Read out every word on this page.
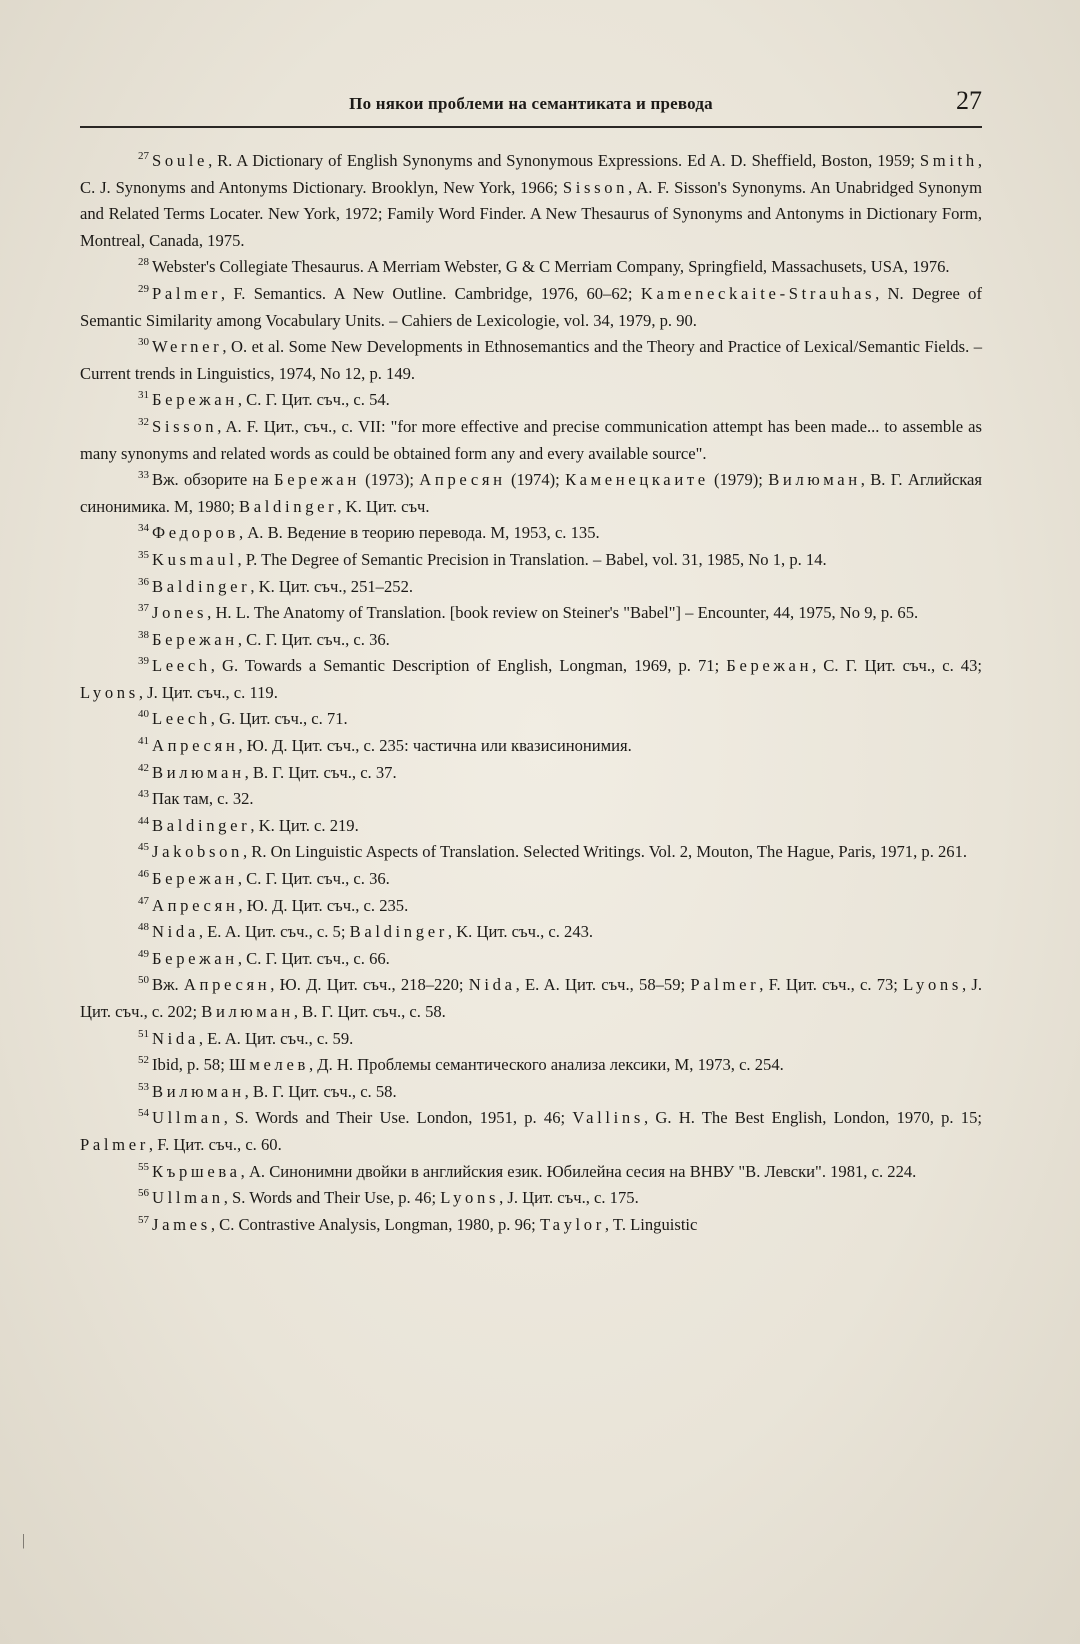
По някои проблеми на семантиката и превода	27

$^{27}$ Soule, R. A Dictionary of English Synonyms and Synonymous Expressions. Ed A. D. Sheffield, Boston, 1959; Smith, C. J. Synonyms and Antonyms Dictionary. Brooklyn, New York, 1966; Sisson, A. F. Sisson's Synonyms. An Unabridged Synonym and Related Terms Locater. New York, 1972; Family Word Finder. A New Thesaurus of Synonyms and Antonyms in Dictionary Form, Montreal, Canada, 1975.

$^{28}$ Webster's Collegiate Thesaurus. A Merriam Webster, G & C Merriam Company, Springfield, Massachusets, USA, 1976.

$^{29}$ Palmer, F. Semantics. A New Outline. Cambridge, 1976, 60–62; Kameneckaite-Strauhas, N. Degree of Semantic Similarity among Vocabulary Units. – Cahiers de Lexicologie, vol. 34, 1979, p. 90.

$^{30}$ Werner, O. et al. Some New Developments in Ethnosemantics and the Theory and Practice of Lexical/Semantic Fields. – Current trends in Linguistics, 1974, No 12, p. 149.

$^{31}$ Бережан, С. Г. Цит. съч., с. 54.

$^{32}$ Sisson, A. F. Цит., съч., с. VII: "for more effective and precise communication attempt has been made... to assemble as many synonyms and related words as could be obtained form any and every available source".

$^{33}$ Вж. обзорите на Бережан (1973); Апресян (1974); Каменецкаите (1979); Вилюман, В. Г. Аглийская синонимика. М, 1980; Baldinger, K. Цит. съч.

$^{34}$ Федоров, А. В. Ведение в теорию перевода. М, 1953, с. 135.

$^{35}$ Kusmaul, P. The Degree of Semantic Precision in Translation. – Babel, vol. 31, 1985, No 1, p. 14.

$^{36}$ Baldinger, K. Цит. съч., 251–252.

$^{37}$ Jones, H. L. The Anatomy of Translation. [book review on Steiner's "Babel"] – Encounter, 44, 1975, No 9, p. 65.

$^{38}$ Бережан, С. Г. Цит. съч., с. 36.

$^{39}$ Leech, G. Towards a Semantic Description of English, Longman, 1969, p. 71; Бережан, С. Г. Цит. съч., с. 43; Lyons, J. Цит. съч., с. 119.

$^{40}$ Leech, G. Цит. съч., с. 71.

$^{41}$ Апресян, Ю. Д. Цит. съч., с. 235: частична или квазисинонимия.

$^{42}$ Вилюман, В. Г. Цит. съч., с. 37.

$^{43}$ Пак там, с. 32.

$^{44}$ Baldinger, K. Цит. с. 219.

$^{45}$ Jakobson, R. On Linguistic Aspects of Translation. Selected Writings. Vol. 2, Mouton, The Hague, Paris, 1971, p. 261.

$^{46}$ Бережан, С. Г. Цит. съч., с. 36.

$^{47}$ Апресян, Ю. Д. Цит. съч., с. 235.

$^{48}$ Nida, E. A. Цит. съч., с. 5; Baldinger, K. Цит. съч., с. 243.

$^{49}$ Бережан, С. Г. Цит. съч., с. 66.

$^{50}$ Вж. Апресян, Ю. Д. Цит. съч., 218–220; Nida, E. A. Цит. съч., 58–59; Palmer, F. Цит. съч., с. 73; Lyons, J. Цит. съч., с. 202; Вилюман, В. Г. Цит. съч., с. 58.

$^{51}$ Nida, E. A. Цит. съч., с. 59.

$^{52}$ Ibid, p. 58; Шмелев, Д. Н. Проблемы семантического анализа лексики, М, 1973, с. 254.

$^{53}$ Вилюман, В. Г. Цит. съч., с. 58.

$^{54}$ Ullman, S. Words and Their Use. London, 1951, p. 46; Vallins, G. H. The Best English, London, 1970, p. 15; Palmer, F. Цит. съч., с. 60.

$^{55}$ Кършева, А. Синонимни двойки в английския език. Юбилейна сесия на ВНВУ "В. Левски". 1981, с. 224.

$^{56}$ Ullman, S. Words and Their Use, p. 46; Lyons, J. Цит. съч., с. 175.

$^{57}$ James, C. Contrastive Analysis, Longman, 1980, p. 96; Taylor, T. Linguistic

|
